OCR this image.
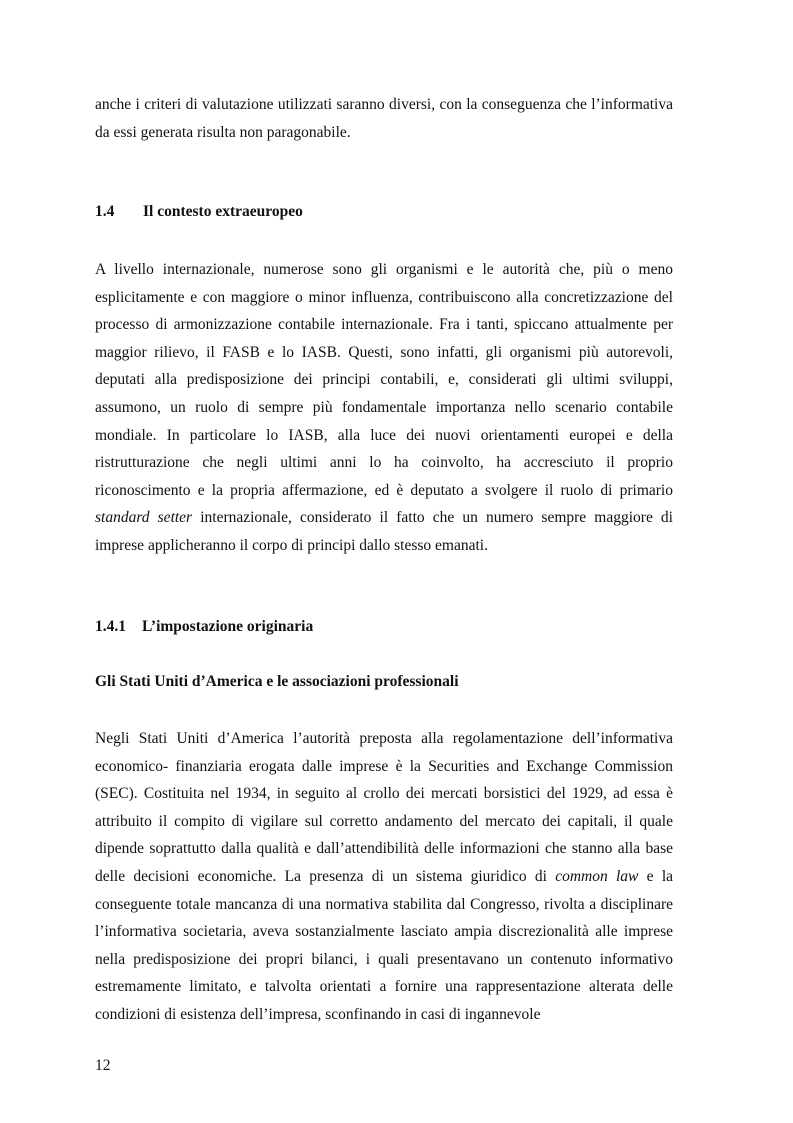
anche i criteri di valutazione utilizzati saranno diversi, con la conseguenza che l’informativa da essi generata risulta non paragonabile.

1.4 Il contesto extraeuropeo

A livello internazionale, numerose sono gli organismi e le autorità che, più o meno esplicitamente e con maggiore o minor influenza, contribuiscono alla concretizzazione del processo di armonizzazione contabile internazionale. Fra i tanti, spiccano attualmente per maggior rilievo, il FASB e lo IASB. Questi, sono infatti, gli organismi più autorevoli, deputati alla predisposizione dei principi contabili, e, considerati gli ultimi sviluppi, assumono, un ruolo di sempre più fondamentale importanza nello scenario contabile mondiale. In particolare lo IASB, alla luce dei nuovi orientamenti europei e della ristrutturazione che negli ultimi anni lo ha coinvolto, ha accresciuto il proprio riconoscimento e la propria affermazione, ed è deputato a svolgere il ruolo di primario standard setter internazionale, considerato il fatto che un numero sempre maggiore di imprese applicheranno il corpo di principi dallo stesso emanati.

1.4.1 L’impostazione originaria
Gli Stati Uniti d’America e le associazioni professionali

Negli Stati Uniti d’America l’autorità preposta alla regolamentazione dell’informativa economico- finanziaria erogata dalle imprese è la Securities and Exchange Commission (SEC). Costituita nel 1934, in seguito al crollo dei mercati borsistici del 1929, ad essa è attribuito il compito di vigilare sul corretto andamento del mercato dei capitali, il quale dipende soprattutto dalla qualità e dall’attendibilità delle informazioni che stanno alla base delle decisioni economiche. La presenza di un sistema giuridico di common law e la conseguente totale mancanza di una normativa stabilita dal Congresso, rivolta a disciplinare l’informativa societaria, aveva sostanzialmente lasciato ampia discrezionalità alle imprese nella predisposizione dei propri bilanci, i quali presentavano un contenuto informativo estremamente limitato, e talvolta orientati a fornire una rappresentazione alterata delle condizioni di esistenza dell’impresa, sconfinando in casi di ingannevole

12
